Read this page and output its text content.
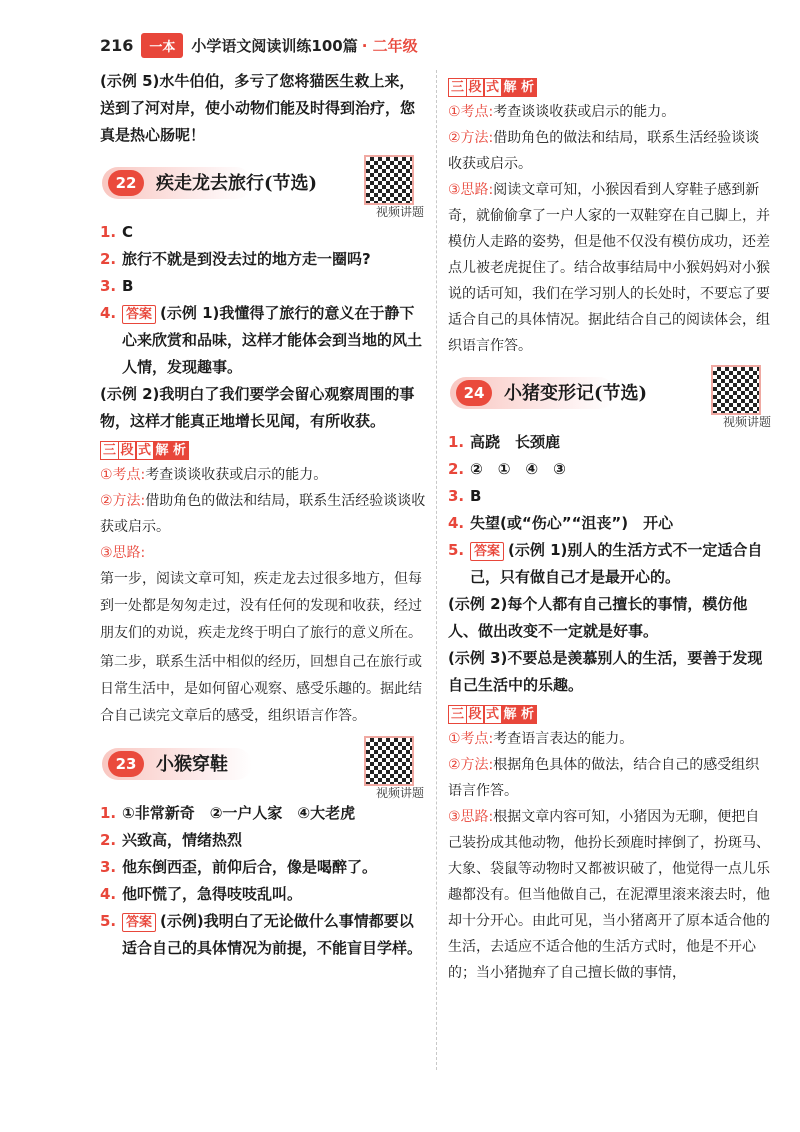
216	一本	小学语文阅读训练100篇 · 二年级

(示例 5)水牛伯伯，多亏了您将猫医生救上来，送到了河对岸，使小动物们能及时得到治疗，您真是热心肠呢！

22	疾走龙去旅行(节选)
视频讲题
1. C
2. 旅行不就是到没去过的地方走一圈吗?
3. B
4. 答案 (示例 1)我懂得了旅行的意义在于静下心来欣赏和品味，这样才能体会到当地的风土人情，发现趣事。

(示例 2)我明白了我们要学会留心观察周围的事物，这样才能真正地增长见闻，有所收获。

三 段 式 解 析

①考点:考查谈谈收获或启示的能力。

②方法:借助角色的做法和结局，联系生活经验谈谈收获或启示。

③思路:

第一步，阅读文章可知，疾走龙去过很多地方，但每到一处都是匆匆走过，没有任何的发现和收获，经过朋友们的劝说，疾走龙终于明白了旅行的意义所在。

第二步，联系生活中相似的经历，回想自己在旅行或日常生活中，是如何留心观察、感受乐趣的。据此结合自己读完文章后的感受，组织语言作答。

23	小猴穿鞋
视频讲题
1. ①非常新奇　②一户人家　④大老虎
2. 兴致高，情绪热烈
3. 他东倒西歪，前仰后合，像是喝醉了。
4. 他吓慌了，急得吱吱乱叫。
5. 答案 (示例)我明白了无论做什么事情都要以适合自己的具体情况为前提，不能盲目学样。
三 段 式 解 析

①考点:考查谈谈收获或启示的能力。

②方法:借助角色的做法和结局，联系生活经验谈谈收获或启示。

③思路:阅读文章可知，小猴因看到人穿鞋子感到新奇，就偷偷拿了一户人家的一双鞋穿在自己脚上，并模仿人走路的姿势，但是他不仅没有模仿成功，还差点儿被老虎捉住了。结合故事结局中小猴妈妈对小猴说的话可知，我们在学习别人的长处时，不要忘了要适合自己的具体情况。据此结合自己的阅读体会，组织语言作答。

24	小猪变形记(节选)
视频讲题
1. 高跷　长颈鹿
2. ②　①　④　③
3. B
4. 失望(或“伤心”“沮丧”)　开心
5. 答案 (示例 1)别人的生活方式不一定适合自己，只有做自己才是最开心的。

(示例 2)每个人都有自己擅长的事情，模仿他人、做出改变不一定就是好事。

(示例 3)不要总是羡慕别人的生活，要善于发现自己生活中的乐趣。

三 段 式 解 析

①考点:考查语言表达的能力。

②方法:根据角色具体的做法，结合自己的感受组织语言作答。

③思路:根据文章内容可知，小猪因为无聊，便把自己装扮成其他动物，他扮长颈鹿时摔倒了，扮斑马、大象、袋鼠等动物时又都被识破了，他觉得一点儿乐趣都没有。但当他做自己，在泥潭里滚来滚去时，他却十分开心。由此可见，当小猪离开了原本适合他的生活，去适应不适合他的生活方式时，他是不开心的；当小猪抛弃了自己擅长做的事情，
